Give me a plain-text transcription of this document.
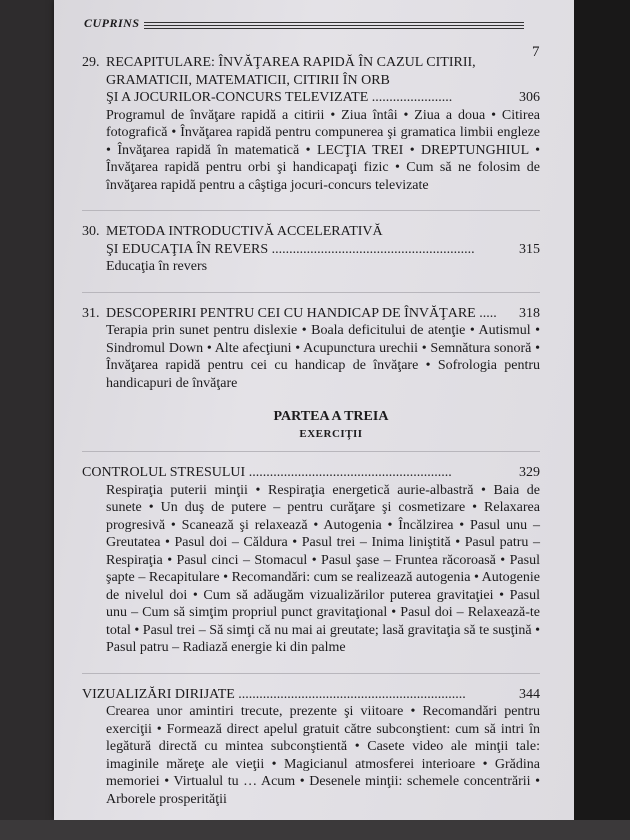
CUPRINS
7
29. RECAPITULARE: ÎNVĂŢAREA RAPIDĂ ÎN CAZUL CITIRII,
GRAMATICII, MATEMATICII, CITIRII ÎN ORB
ŞI A JOCURILOR-CONCURS TELEVIZATE .......................	306
Programul de învăţare rapidă a citirii • Ziua întâi • Ziua a doua • Citirea fotografică • Învăţarea rapidă pentru compunerea şi gramatica limbii engleze • Învăţarea rapidă în matematică • LECŢIA TREI • DREPTUNGHIUL • Învăţarea rapidă pentru orbi şi handicapaţi fizic • Cum să ne folosim de învăţarea rapidă pentru a câştiga jocuri-concurs televizate
30. METODA INTRODUCTIVĂ ACCELERATIVĂ
ŞI EDUCAŢIA ÎN REVERS ..........................................................	315
Educaţia în revers
31. DESCOPERIRI PENTRU CEI CU HANDICAP DE ÎNVĂŢARE .....	318
Terapia prin sunet pentru dislexie • Boala deficitului de atenţie • Autismul • Sindromul Down • Alte afecţiuni • Acupunctura urechii • Semnătura sonoră • Învăţarea rapidă pentru cei cu handicap de învăţare • Sofrologia pentru handicapuri de învăţare
PARTEA A TREIA
EXERCIŢII
CONTROLUL STRESULUI ..........................................................	329
Respiraţia puterii minţii • Respiraţia energetică aurie-albastră • Baia de sunete • Un duş de putere – pentru curăţare şi cosmetizare • Relaxarea progresivă • Scanează şi relaxează • Autogenia • Încălzirea • Pasul unu – Greutatea • Pasul doi – Căldura • Pasul trei – Inima liniştită • Pasul patru – Respiraţia • Pasul cinci – Stomacul • Pasul şase – Fruntea răcoroasă • Pasul şapte – Recapitulare • Recomandări: cum se realizează autogenia • Autogenie de nivelul doi • Cum să adăugăm vizualizărilor puterea gravitaţiei • Pasul unu – Cum să simţim propriul punct gravitaţional • Pasul doi – Relaxează-te total • Pasul trei – Să simţi că nu mai ai greutate; lasă gravitaţia să te susţină • Pasul patru – Radiază energie ki din palme
VIZUALIZĂRI DIRIJATE .................................................................	344
Crearea unor amintiri trecute, prezente şi viitoare • Recomandări pentru exerciţii • Formează direct apelul gratuit către subconştient: cum să intri în legătură directă cu mintea subconştientă • Casete video ale minţii tale: imaginile măreţe ale vieţii • Magicianul atmosferei interioare • Grădina memoriei • Virtualul tu … Acum • Desenele minţii: schemele concentrării • Arborele prosperităţii
